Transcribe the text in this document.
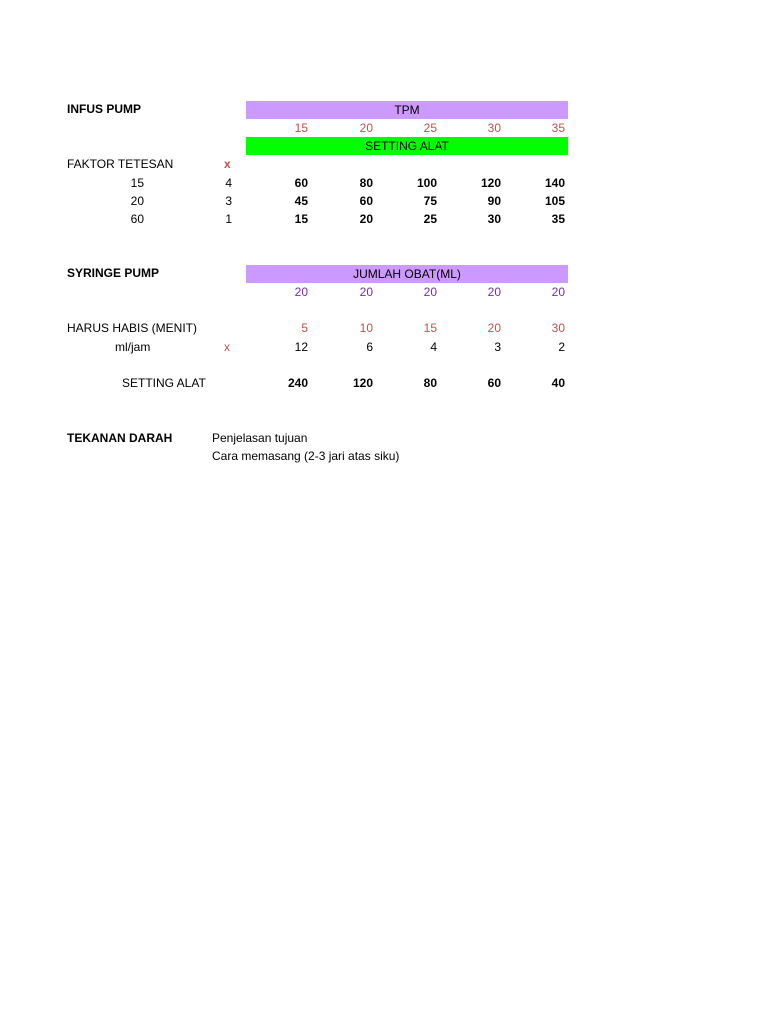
INFUS PUMP	TPM
15	20	25	30	35
SETTING ALAT
FAKTOR TETESAN	x
15	4	60	80	100	120	140
20	3	45	60	75	90	105
60	1	15	20	25	30	35
SYRINGE PUMP	JUMLAH OBAT(ML)
20	20	20	20	20
HARUS HABIS (MENIT)	5	10	15	20	30
ml/jam	x	12	6	4	3	2
SETTING ALAT	240	120	80	60	40
TEKANAN DARAH	Penjelasan tujuan
Cara memasang (2-3 jari atas siku)
